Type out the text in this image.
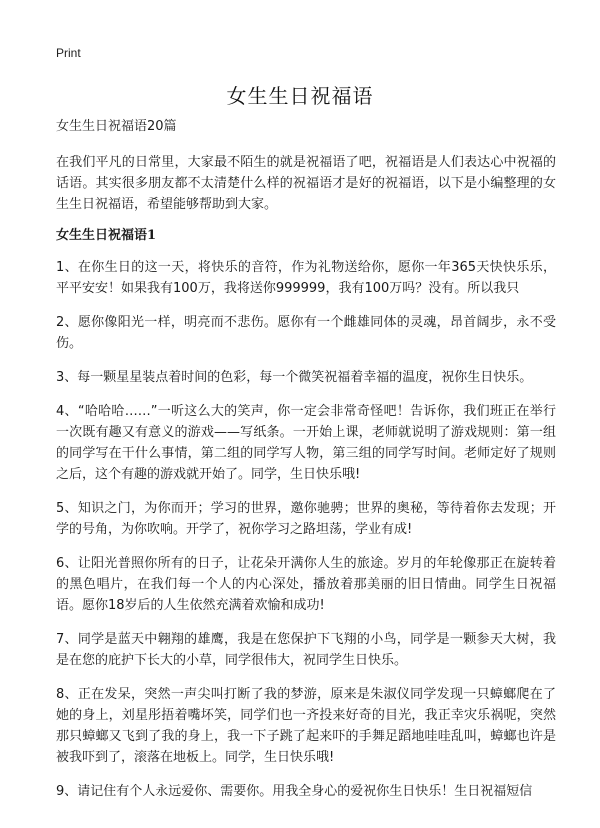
Print
女生生日祝福语

女生生日祝福语20篇

在我们平凡的日常里，大家最不陌生的就是祝福语了吧，祝福语是人们表达心中祝福的话语。其实很多朋友都不太清楚什么样的祝福语才是好的祝福语，以下是小编整理的女生生日祝福语，希望能够帮助到大家。

女生生日祝福语1

1、在你生日的这一天，将快乐的音符，作为礼物送给你，愿你一年365天快快乐乐，平平安安！如果我有100万，我将送你999999，我有100万吗？没有。所以我只

2、愿你像阳光一样，明亮而不悲伤。愿你有一个雌雄同体的灵魂，昂首阔步，永不受伤。

3、每一颗星星装点着时间的色彩，每一个微笑祝福着幸福的温度，祝你生日快乐。

4、“哈哈哈……”一听这么大的笑声，你一定会非常奇怪吧！告诉你，我们班正在举行一次既有趣又有意义的游戏——写纸条。一开始上课，老师就说明了游戏规则：第一组的同学写在干什么事情，第二组的同学写人物，第三组的同学写时间。老师定好了规则之后，这个有趣的游戏就开始了。同学，生日快乐哦!

5、知识之门，为你而开；学习的世界，邀你驰骋；世界的奥秘，等待着你去发现；开学的号角，为你吹响。开学了，祝你学习之路坦荡，学业有成!

6、让阳光普照你所有的日子，让花朵开满你人生的旅途。岁月的年轮像那正在旋转着的黑色唱片，在我们每一个人的内心深处，播放着那美丽的旧日情曲。同学生日祝福语。愿你18岁后的人生依然充满着欢愉和成功!

7、同学是蓝天中翱翔的雄鹰，我是在您保护下飞翔的小鸟，同学是一颗参天大树，我是在您的庇护下长大的小草，同学很伟大，祝同学生日快乐。

8、正在发呆，突然一声尖叫打断了我的梦游，原来是朱淑仪同学发现一只蟑螂爬在了她的身上，刘星彤捂着嘴坏笑，同学们也一齐投来好奇的目光，我正幸灾乐祸呢，突然那只蟑螂又飞到了我的身上，我一下子跳了起来吓的手舞足蹈地哇哇乱叫，蟑螂也许是被我吓到了，滚落在地板上。同学，生日快乐哦!

9、请记住有个人永远爱你、需要你。用我全身心的爱祝你生日快乐！生日祝福短信
